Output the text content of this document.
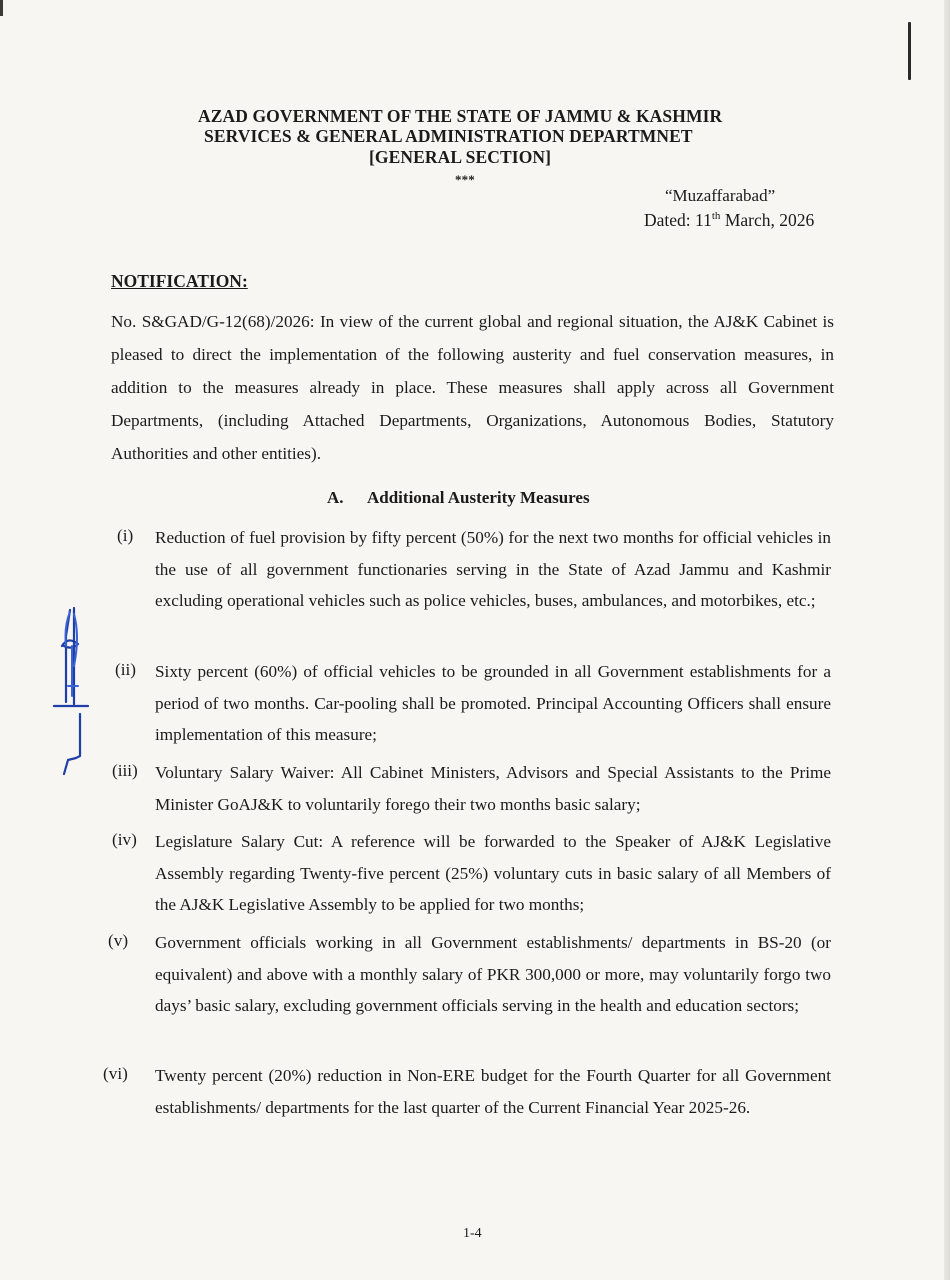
AZAD GOVERNMENT OF THE STATE OF JAMMU & KASHMIR
SERVICES & GENERAL ADMINISTRATION DEPARTMNET
[GENERAL SECTION]
***
“Muzaffarabad”
Dated: 11th March, 2026
NOTIFICATION:
No. S&GAD/G-12(68)/2026: In view of the current global and regional situation, the AJ&K Cabinet is pleased to direct the implementation of the following austerity and fuel conservation measures, in addition to the measures already in place. These measures shall apply across all Government Departments, (including Attached Departments, Organizations, Autonomous Bodies, Statutory Authorities and other entities).
A. Additional Austerity Measures
(i) Reduction of fuel provision by fifty percent (50%) for the next two months for official vehicles in the use of all government functionaries serving in the State of Azad Jammu and Kashmir excluding operational vehicles such as police vehicles, buses, ambulances, and motorbikes, etc.;
(ii) Sixty percent (60%) of official vehicles to be grounded in all Government establishments for a period of two months. Car-pooling shall be promoted. Principal Accounting Officers shall ensure implementation of this measure;
(iii) Voluntary Salary Waiver: All Cabinet Ministers, Advisors and Special Assistants to the Prime Minister GoAJ&K to voluntarily forego their two months basic salary;
(iv) Legislature Salary Cut: A reference will be forwarded to the Speaker of AJ&K Legislative Assembly regarding Twenty-five percent (25%) voluntary cuts in basic salary of all Members of the AJ&K Legislative Assembly to be applied for two months;
(v) Government officials working in all Government establishments/ departments in BS-20 (or equivalent) and above with a monthly salary of PKR 300,000 or more, may voluntarily forgo two days’ basic salary, excluding government officials serving in the health and education sectors;
(vi) Twenty percent (20%) reduction in Non-ERE budget for the Fourth Quarter for all Government establishments/ departments for the last quarter of the Current Financial Year 2025-26.
1-4
